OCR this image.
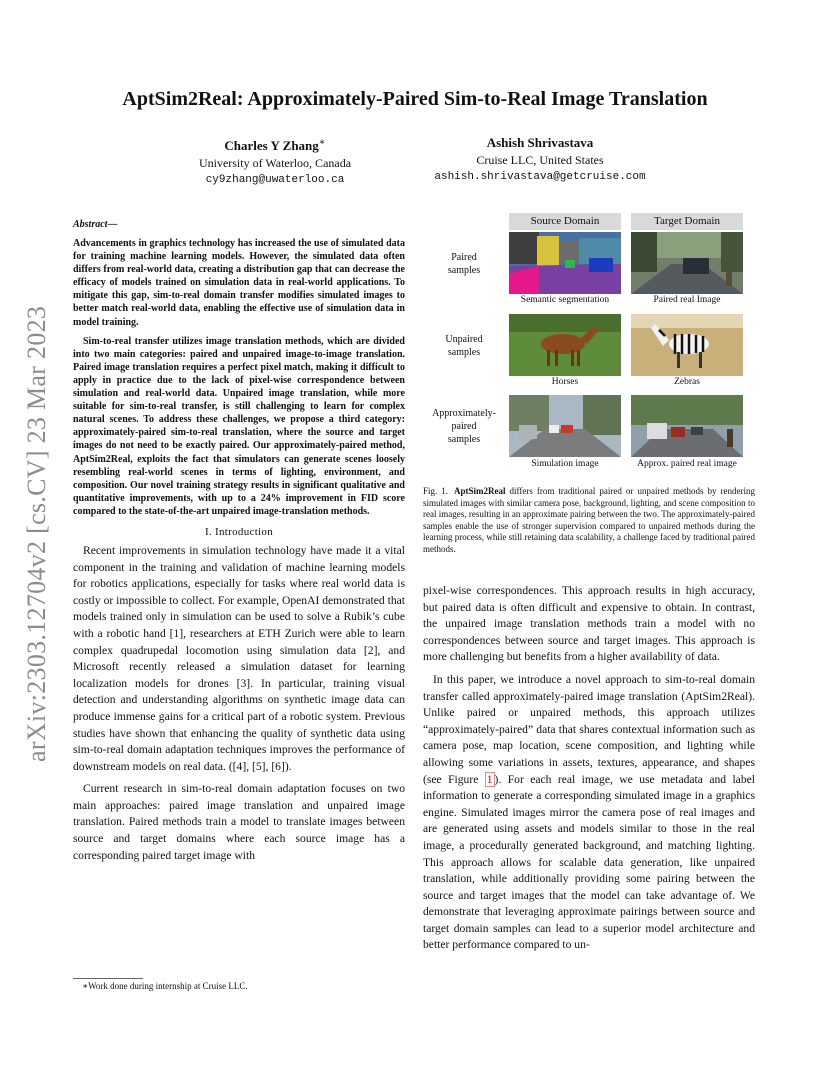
arXiv:2303.12704v2 [cs.CV] 23 Mar 2023
AptSim2Real: Approximately-Paired Sim-to-Real Image Translation
Charles Y Zhang∗
University of Waterloo, Canada
cy9zhang@uwaterloo.ca
Ashish Shrivastava
Cruise LLC, United States
ashish.shrivastava@getcruise.com
Abstract—

Advancements in graphics technology has increased the use of simulated data for training machine learning models. However, the simulated data often differs from real-world data, creating a distribution gap that can decrease the efficacy of models trained on simulation data in real-world applications. To mitigate this gap, sim-to-real domain transfer modifies simulated images to better match real-world data, enabling the effective use of simulation data in model training.

Sim-to-real transfer utilizes image translation methods, which are divided into two main categories: paired and unpaired image-to-image translation. Paired image translation requires a perfect pixel match, making it difficult to apply in practice due to the lack of pixel-wise correspondence between simulation and real-world data. Unpaired image translation, while more suitable for sim-to-real transfer, is still challenging to learn for complex natural scenes. To address these challenges, we propose a third category: approximately-paired sim-to-real translation, where the source and target images do not need to be exactly paired. Our approximately-paired method, AptSim2Real, exploits the fact that simulators can generate scenes loosely resembling real-world scenes in terms of lighting, environment, and composition. Our novel training strategy results in significant qualitative and quantitative improvements, with up to a 24% improvement in FID score compared to the state-of-the-art unpaired image-translation methods.

I. Introduction

Recent improvements in simulation technology have made it a vital component in the training and validation of machine learning models for robotics applications, especially for tasks where real world data is costly or impossible to collect. For example, OpenAI demonstrated that models trained only in simulation can be used to solve a Rubik’s cube with a robotic hand [1], researchers at ETH Zurich were able to learn complex quadrupedal locomotion using simulation data [2], and Microsoft recently released a simulation dataset for learning localization models for drones [3]. In particular, training visual detection and understanding algorithms on synthetic image data can produce immense gains for a critical part of a robotic system. Previous studies have shown that enhancing the quality of synthetic data using sim-to-real domain adaptation techniques improves the performance of downstream models on real data. ([4], [5], [6]).

Current research in sim-to-real domain adaptation focuses on two main approaches: paired image translation and unpaired image translation. Paired methods train a model to translate images between source and target domains where each source image has a corresponding paired target image with

∗Work done during internship at Cruise LLC.
Source Domain	Target Domain
Paired
samples
Semantic segmentation	Paired real Image
Unpaired
samples
Horses	Zebras
Approximately-
paired
samples
Simulation image	Approx. paired real image
Fig. 1. AptSim2Real differs from traditional paired or unpaired methods by rendering simulated images with similar camera pose, background, lighting, and scene composition to real images, resulting in an approximate pairing between the two. The approximately-paired samples enable the use of stronger supervision compared to unpaired methods during the learning process, while still retaining data scalability, a challenge faced by traditional paired methods.

pixel-wise correspondences. This approach results in high accuracy, but paired data is often difficult and expensive to obtain. In contrast, the unpaired image translation methods train a model with no correspondences between source and target images. This approach is more challenging but benefits from a higher availability of data.

In this paper, we introduce a novel approach to sim-to-real domain transfer called approximately-paired image translation (AptSim2Real). Unlike paired or unpaired methods, this approach utilizes “approximately-paired” data that shares contextual information such as camera pose, map location, scene composition, and lighting while allowing some variations in assets, textures, appearance, and shapes (see Figure 1 ). For each real image, we use metadata and label information to generate a corresponding simulated image in a graphics engine. Simulated images mirror the camera pose of real images and are generated using assets and models similar to those in the real image, a procedurally generated background, and matching lighting. This approach allows for scalable data generation, like unpaired translation, while additionally providing some pairing between the source and target images that the model can take advantage of. We demonstrate that leveraging approximate pairings between source and target domain samples can lead to a superior model architecture and better performance compared to un-
